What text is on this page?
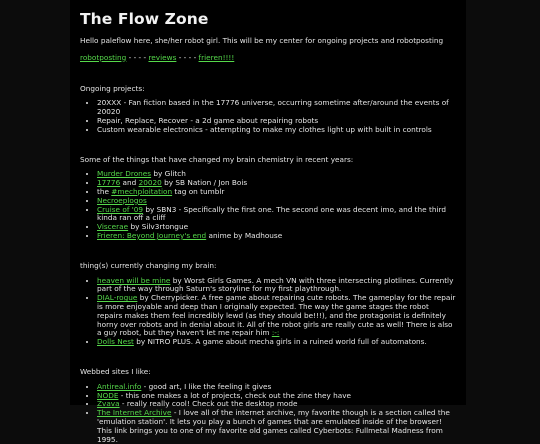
The Flow Zone

Hello paleflow here, she/her robot girl. This will be my center for ongoing projects and robotposting

robotposting - - - - reviews - - - - frieren!!!!

Ongoing projects:

• 20XXX - Fan fiction based in the 17776 universe, occurring sometime after/around the events of 20020
• Repair, Replace, Recover - a 2d game about repairing robots
• Custom wearable electronics - attempting to make my clothes light up with built in controls

Some of the things that have changed my brain chemistry in recent years:

• Murder Drones by Glitch
• 17776 and 20020 by SB Nation / Jon Bois
• the #mechploitation tag on tumblr
• Necroeplogos
• Cruise of '09 by SBN3 - Specifically the first one. The second one was decent imo, and the third kinda ran off a cliff
• Viscerae by Silv3rtongue
• Frieren: Beyond Journey's end anime by Madhouse

thing(s) currently changing my brain:

• heaven will be mine by Worst Girls Games. A mech VN with three intersecting plotlines. Currently part of the way through Saturn's storyline for my first playthrough.
• DIAL-rogue by Cherrypicker. A free game about repairing cute robots. The gameplay for the repair is more enjoyable and deep than I originally expected. The way the game stages the robot repairs makes them feel incredibly lewd (as they should be!!!), and the protagonist is definitely horny over robots and in denial about it. All of the robot girls are really cute as well! There is also a guy robot, but they haven't let me repair him :-:
• Dolls Nest by NITRO PLUS. A game about mecha girls in a ruined world full of automatons.

Webbed sites I like:

• Antireal.info - good art, I like the feeling it gives
• NODE - this one makes a lot of projects, check out the zine they have
• Zvava - really really cool! Check out the desktop mode
• The Internet Archive - I love all of the internet archive, my favorite though is a section called the 'emulation station'. It lets you play a bunch of games that are emulated inside of the browser! This link brings you to one of my favorite old games called Cyberbots: Fullmetal Madness from 1995.
